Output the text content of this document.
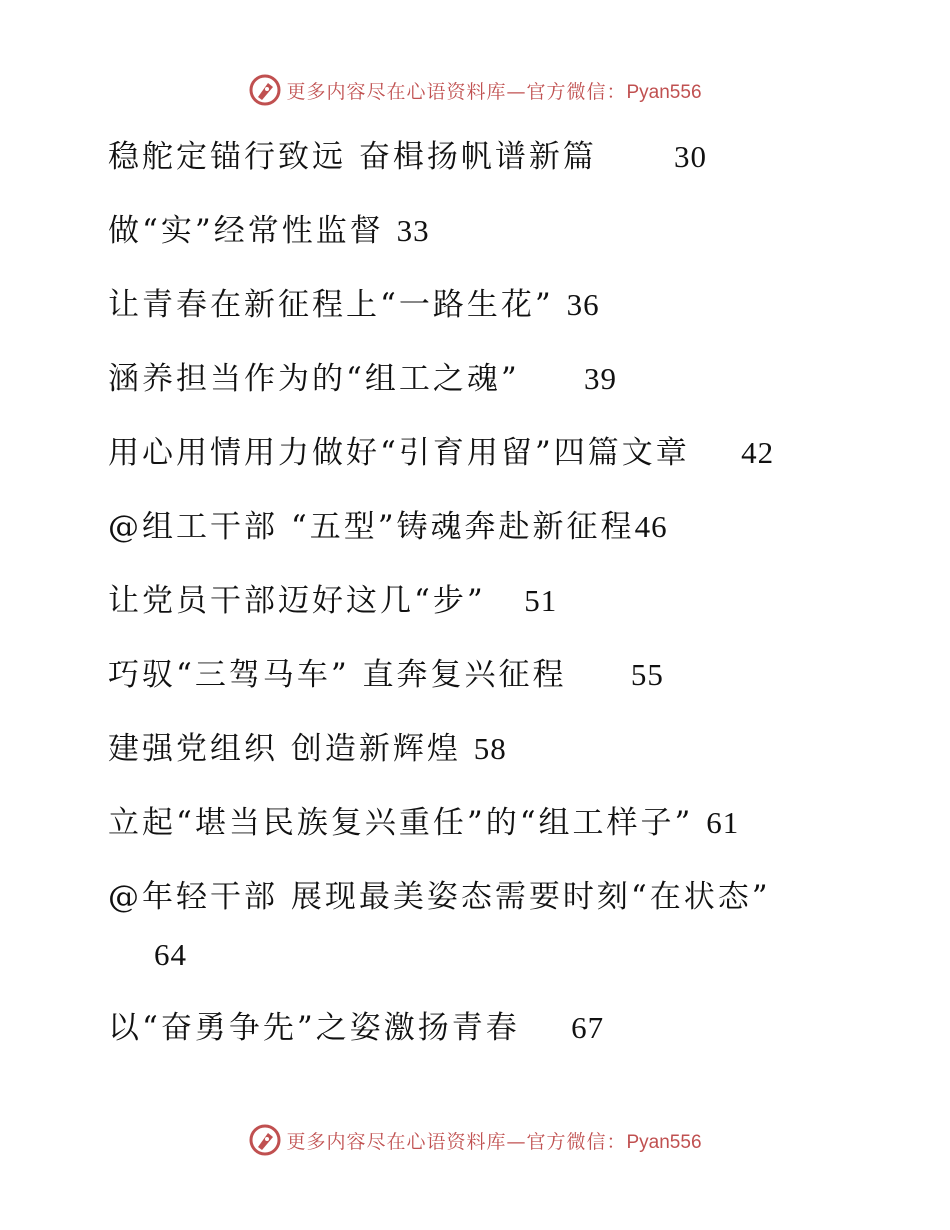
更多内容尽在心语资料库—官方微信：Pyan556
稳舵定锚行致远 奋楫扬帆谱新篇 30
做“实”经常性监督 33
让青春在新征程上“一路生花” 36
涵养担当作为的“组工之魂” 39
用心用情用力做好“引育用留”四篇文章 42
@组工干部 “五型”铸魂奔赴新征程46
让党员干部迈好这几“步” 51
巧驭“三驾马车” 直奔复兴征程 55
建强党组织 创造新辉煌 58
立起“堪当民族复兴重任”的“组工样子” 61
@年轻干部 展现最美姿态需要时刻“在状态”
64
以“奋勇争先”之姿激扬青春 67
更多内容尽在心语资料库—官方微信：Pyan556
